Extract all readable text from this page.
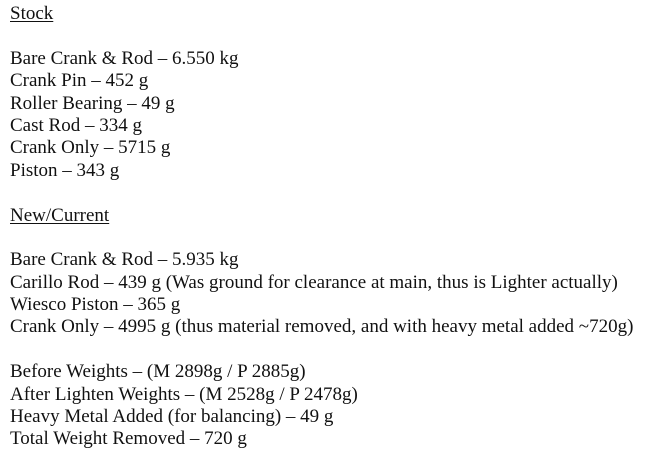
Stock
Bare Crank & Rod – 6.550 kg
Crank Pin – 452 g
Roller Bearing – 49 g
Cast Rod – 334 g
Crank Only – 5715 g
Piston – 343 g
New/Current
Bare Crank & Rod – 5.935 kg
Carillo Rod – 439 g (Was ground for clearance at main, thus is Lighter actually)
Wiesco Piston – 365 g
Crank Only – 4995 g (thus material removed, and with heavy metal added ~720g)
Before Weights – (M 2898g / P 2885g)
After Lighten Weights – (M 2528g / P 2478g)
Heavy Metal Added (for balancing) – 49 g
Total Weight Removed – 720 g
